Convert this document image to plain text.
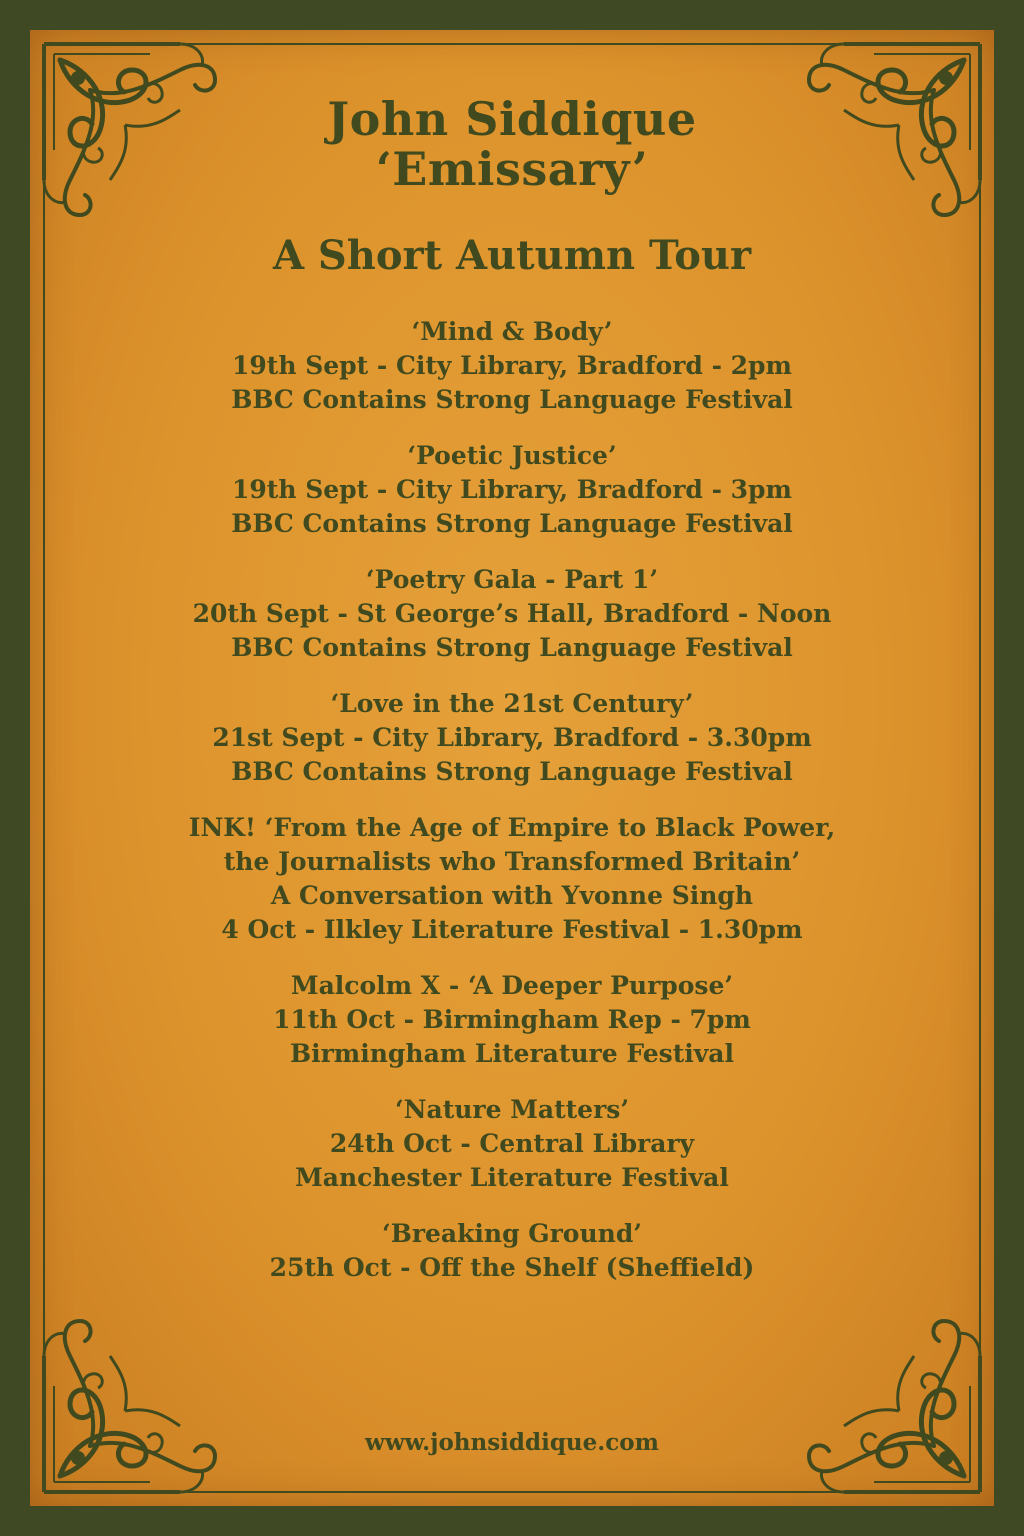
John Siddique
‘Emissary’
A Short Autumn Tour
‘Mind & Body’
19th Sept - City Library, Bradford - 2pm
BBC Contains Strong Language Festival
‘Poetic Justice’
19th Sept - City Library, Bradford - 3pm
BBC Contains Strong Language Festival
‘Poetry Gala - Part 1’
20th Sept - St George’s Hall, Bradford - Noon
BBC Contains Strong Language Festival
‘Love in the 21st Century’
21st Sept - City Library, Bradford - 3.30pm
BBC Contains Strong Language Festival
INK! ‘From the Age of Empire to Black Power,
the Journalists who Transformed Britain’
A Conversation with Yvonne Singh
4 Oct - Ilkley Literature Festival - 1.30pm
Malcolm X - ‘A Deeper Purpose’
11th Oct - Birmingham Rep - 7pm
Birmingham Literature Festival
‘Nature Matters’
24th Oct - Central Library
Manchester Literature Festival
‘Breaking Ground’
25th Oct - Off the Shelf (Sheffield)
www.johnsiddique.com
